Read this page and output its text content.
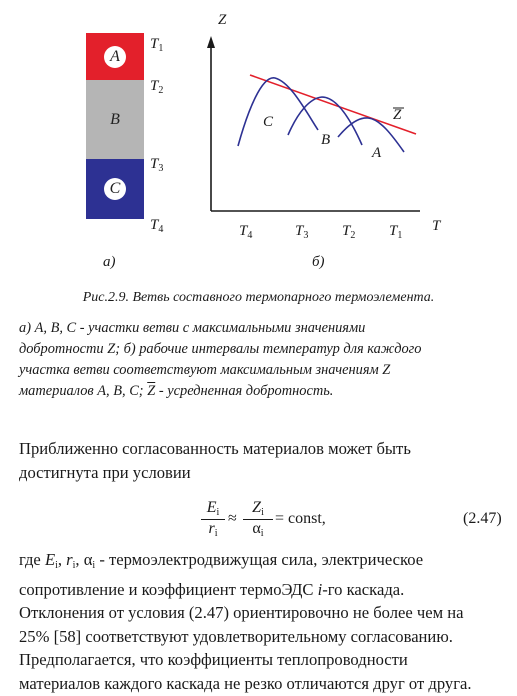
A
B
C
$T_1$
$T_2$
$T_3$
$T_4$
а)
Z
T
C
B
A
Z
$T_4$	$T_3$ $T_2$ $T_1$
б)
Рис.2.9. Ветвь составного термопарного термоэлемента.
а) A, B, C - участки ветви с максимальными значениями
добротности Z; б) рабочие интервалы температур для каждого
участка ветви соответствуют максимальным значениям Z
материалов A, B, C; $\overline{Z}$ - усредненная добротность.
Приближенно согласованность материалов может быть
достигнута при условии
$\frac{E_i}{r_i} \approx \frac{Z_i}{\alpha_i}$ = const,	(2.47)
где $E_i$, $r_i$, $\alpha_i$ - термоэлектродвижущая сила, электрическое
сопротивление и коэффициент термоЭДС i-го каскада.
Отклонения от условия (2.47) ориентировочно не более чем на
25% [58] соответствуют удовлетворительному согласованию.
Предполагается, что коэффициенты теплопроводности
материалов каждого каскада не резко отличаются друг от друга.
